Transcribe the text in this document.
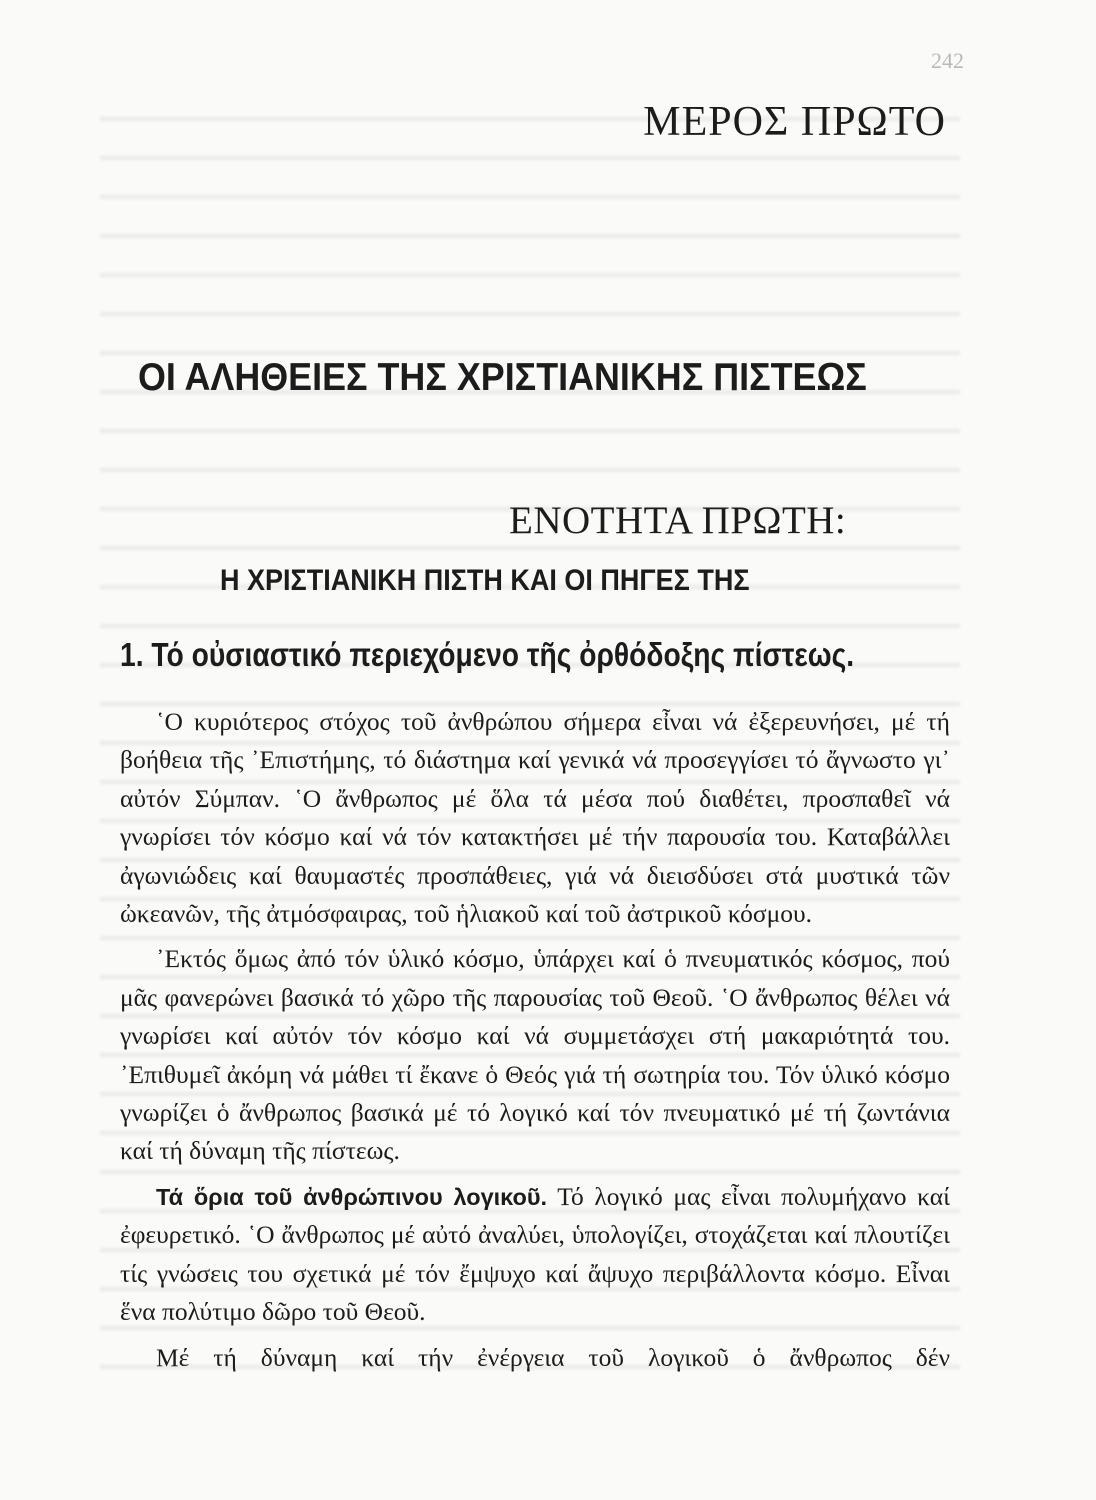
242
ΜΕΡΟΣ ΠΡΩΤΟ
ΟΙ ΑΛΗΘΕΙΕΣ ΤΗΣ ΧΡΙΣΤΙΑΝΙΚΗΣ ΠΙΣΤΕΩΣ
ΕΝΟΤΗΤΑ ΠΡΩΤΗ:
Η ΧΡΙΣΤΙΑΝΙΚΗ ΠΙΣΤΗ ΚΑΙ ΟΙ ΠΗΓΕΣ ΤΗΣ
1. Τό οὐσιαστικό περιεχόμενο τῆς ὀρθόδοξης πίστεως.

῾Ο κυριότερος στόχος τοῦ ἀνθρώπου σήμερα εἶναι νά ἐξερευνήσει, μέ τή βοήθεια τῆς ᾿Επιστήμης, τό διάστημα καί γενικά νά προσεγγίσει τό ἄγνωστο γι᾿ αὐτόν Σύμπαν. ῾Ο ἄνθρωπος μέ ὅλα τά μέσα πού διαθέτει, προσπαθεῖ νά γνωρίσει τόν κόσμο καί νά τόν κατακτήσει μέ τήν παρουσία του. Καταβάλλει ἀγωνιώδεις καί θαυμαστές προσπάθειες, γιά νά διεισδύσει στά μυστικά τῶν ὠκεανῶν, τῆς ἀτμόσφαιρας, τοῦ ἡλιακοῦ καί τοῦ ἀστρικοῦ κόσμου.

᾿Εκτός ὅμως ἀπό τόν ὑλικό κόσμο, ὑπάρχει καί ὁ πνευματικός κόσμος, πού μᾶς φανερώνει βασικά τό χῶρο τῆς παρουσίας τοῦ Θεοῦ. ῾Ο ἄνθρωπος θέλει νά γνωρίσει καί αὐτόν τόν κόσμο καί νά συμμετάσχει στή μακαριότητά του. ᾿Επιθυμεῖ ἀκόμη νά μάθει τί ἔκανε ὁ Θεός γιά τή σωτηρία του. Τόν ὑλικό κόσμο γνωρίζει ὁ ἄνθρωπος βασικά μέ τό λογικό καί τόν πνευματικό μέ τή ζωντάνια καί τή δύναμη τῆς πίστεως.

Τά ὅρια τοῦ ἀνθρώπινου λογικοῦ. Τό λογικό μας εἶναι πολυμήχανο καί ἐφευρετικό. ῾Ο ἄνθρωπος μέ αὐτό ἀναλύει, ὑπολογίζει, στοχάζεται καί πλουτίζει τίς γνώσεις του σχετικά μέ τόν ἔμψυχο καί ἄψυχο περιβάλλοντα κόσμο. Εἶναι ἕνα πολύτιμο δῶρο τοῦ Θεοῦ.

Μέ τή δύναμη καί τήν ἐνέργεια τοῦ λογικοῦ ὁ ἄνθρωπος δέν
